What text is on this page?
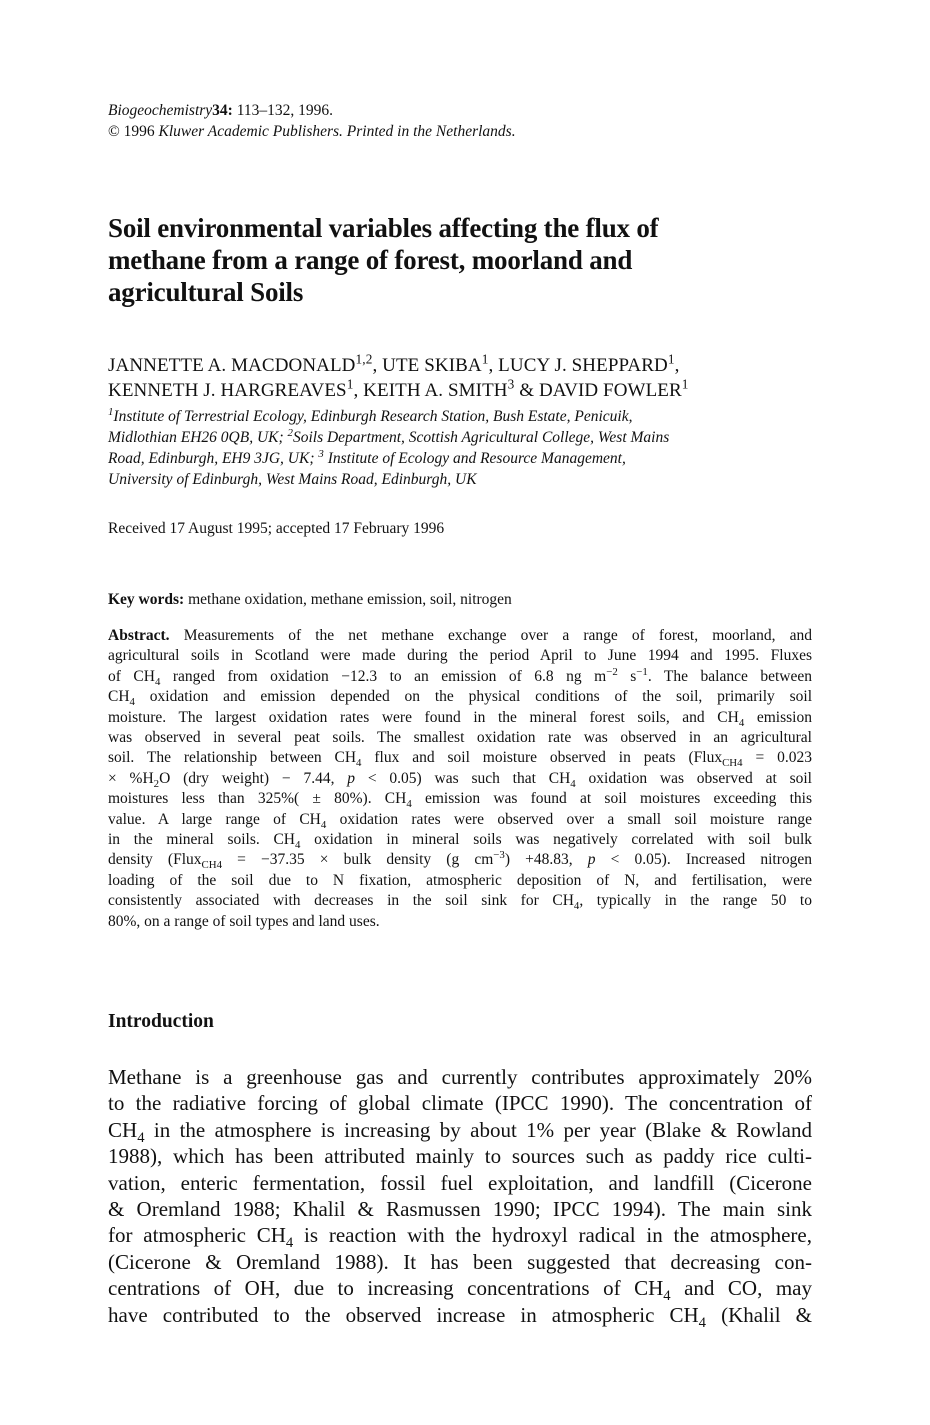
Biogeochemistry34: 113–132, 1996.
© 1996 Kluwer Academic Publishers. Printed in the Netherlands.
Soil environmental variables affecting the flux of
methane from a range of forest, moorland and
agricultural Soils
JANNETTE A. MACDONALD$^{1,2}$, UTE SKIBA$^1$, LUCY J. SHEPPARD$^1$,
KENNETH J. HARGREAVES$^1$, KEITH A. SMITH$^3$ & DAVID FOWLER$^1$
$^1$Institute of Terrestrial Ecology, Edinburgh Research Station, Bush Estate, Penicuik,
Midlothian EH26 0QB, UK; $^2$Soils Department, Scottish Agricultural College, West Mains
Road, Edinburgh, EH9 3JG, UK; $^3$ Institute of Ecology and Resource Management,
University of Edinburgh, West Mains Road, Edinburgh, UK
Received 17 August 1995; accepted 17 February 1996
Key words: methane oxidation, methane emission, soil, nitrogen
Abstract. Measurements of the net methane exchange over a range of forest, moorland, and
agricultural soils in Scotland were made during the period April to June 1994 and 1995. Fluxes
of $CH_4$ ranged from oxidation −12.3 to an emission of 6.8 ng $m^{-2}$ $s^{-1}$. The balance between
$CH_4$ oxidation and emission depended on the physical conditions of the soil, primarily soil
moisture. The largest oxidation rates were found in the mineral forest soils, and $CH_4$ emission
was observed in several peat soils. The smallest oxidation rate was observed in an agricultural
soil. The relationship between $CH_4$ flux and soil moisture observed in peats (Flux$_{CH4}$ = 0.023
× $\%H_2O$ (dry weight) − 7.44, p < 0.05) was such that $CH_4$ oxidation was observed at soil
moistures less than 325%( ± 80%). $CH_4$ emission was found at soil moistures exceeding this
value. A large range of $CH_4$ oxidation rates were observed over a small soil moisture range
in the mineral soils. $CH_4$ oxidation in mineral soils was negatively correlated with soil bulk
density (Flux$_{CH4}$ = −37.35 × bulk density (g $cm^{-3}) +48.83$, p < 0.05). Increased nitrogen
loading of the soil due to N fixation, atmospheric deposition of N, and fertilisation, were
consistently associated with decreases in the soil sink for $CH_4$, typically in the range 50 to
80%, on a range of soil types and land uses.
Introduction
Methane is a greenhouse gas and currently contributes approximately 20%
to the radiative forcing of global climate (IPCC 1990). The concentration of
$CH_4$ in the atmosphere is increasing by about 1% per year (Blake & Rowland
1988), which has been attributed mainly to sources such as paddy rice culti-
vation, enteric fermentation, fossil fuel exploitation, and landfill (Cicerone
& Oremland 1988; Khalil & Rasmussen 1990; IPCC 1994). The main sink
for atmospheric $CH_4$ is reaction with the hydroxyl radical in the atmosphere,
(Cicerone & Oremland 1988). It has been suggested that decreasing con-
centrations of OH, due to increasing concentrations of $CH_4$ and CO, may
have contributed to the observed increase in atmospheric $CH_4$ (Khalil &
